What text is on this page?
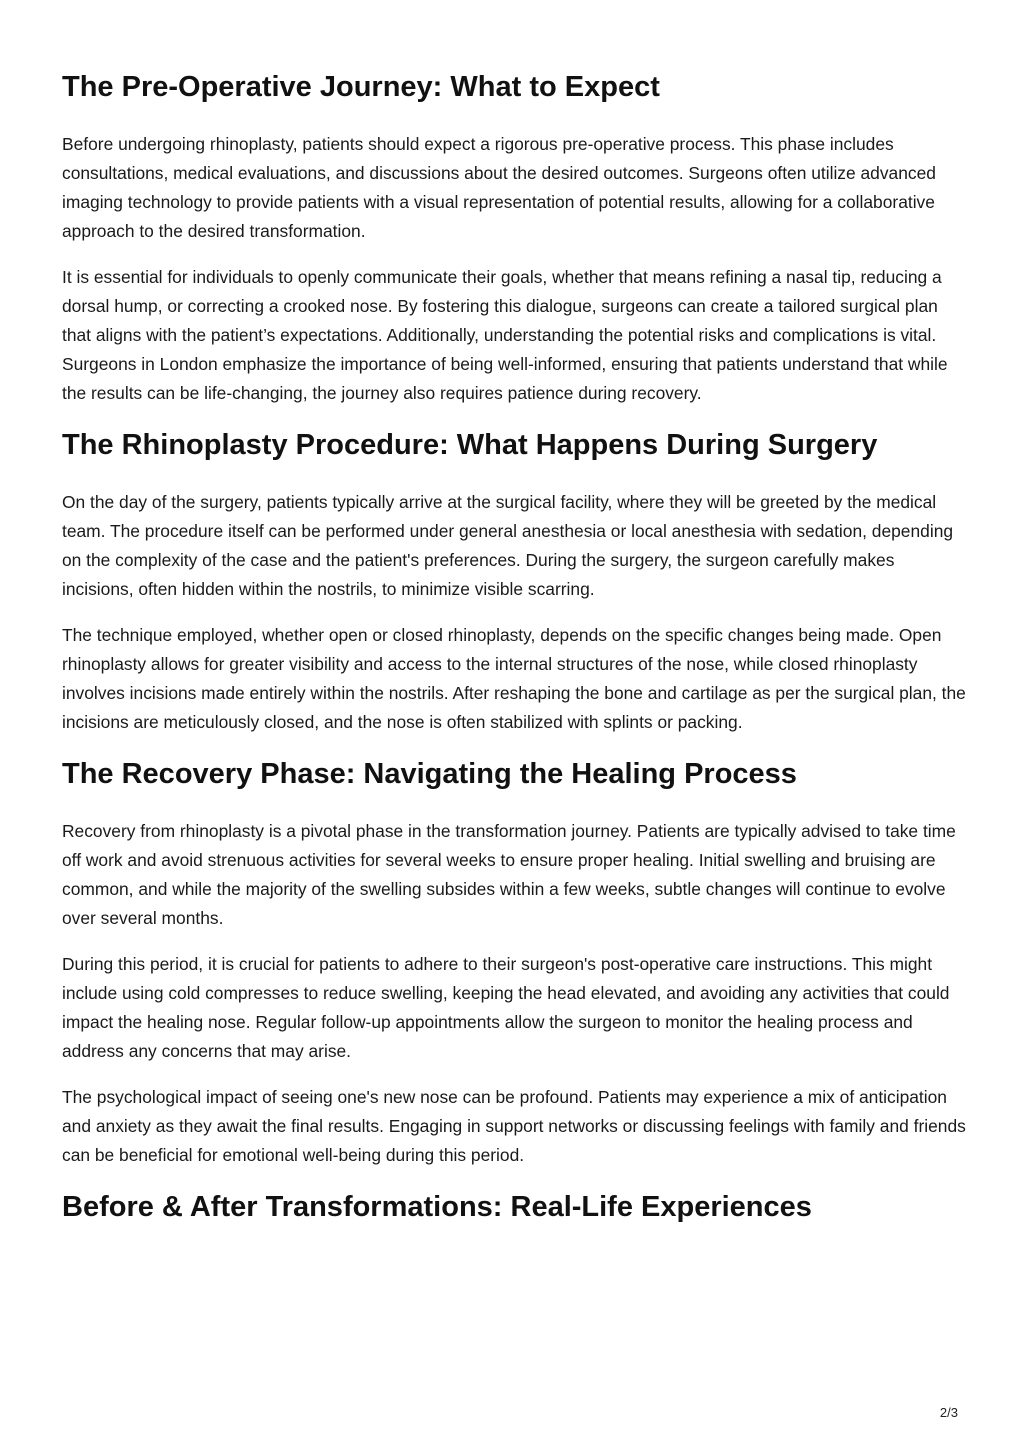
The Pre-Operative Journey: What to Expect

Before undergoing rhinoplasty, patients should expect a rigorous pre-operative process. This phase includes consultations, medical evaluations, and discussions about the desired outcomes. Surgeons often utilize advanced imaging technology to provide patients with a visual representation of potential results, allowing for a collaborative approach to the desired transformation.

It is essential for individuals to openly communicate their goals, whether that means refining a nasal tip, reducing a dorsal hump, or correcting a crooked nose. By fostering this dialogue, surgeons can create a tailored surgical plan that aligns with the patient’s expectations. Additionally, understanding the potential risks and complications is vital. Surgeons in London emphasize the importance of being well-informed, ensuring that patients understand that while the results can be life-changing, the journey also requires patience during recovery.

The Rhinoplasty Procedure: What Happens During Surgery

On the day of the surgery, patients typically arrive at the surgical facility, where they will be greeted by the medical team. The procedure itself can be performed under general anesthesia or local anesthesia with sedation, depending on the complexity of the case and the patient's preferences. During the surgery, the surgeon carefully makes incisions, often hidden within the nostrils, to minimize visible scarring.

The technique employed, whether open or closed rhinoplasty, depends on the specific changes being made. Open rhinoplasty allows for greater visibility and access to the internal structures of the nose, while closed rhinoplasty involves incisions made entirely within the nostrils. After reshaping the bone and cartilage as per the surgical plan, the incisions are meticulously closed, and the nose is often stabilized with splints or packing.

The Recovery Phase: Navigating the Healing Process

Recovery from rhinoplasty is a pivotal phase in the transformation journey. Patients are typically advised to take time off work and avoid strenuous activities for several weeks to ensure proper healing. Initial swelling and bruising are common, and while the majority of the swelling subsides within a few weeks, subtle changes will continue to evolve over several months.

During this period, it is crucial for patients to adhere to their surgeon's post-operative care instructions. This might include using cold compresses to reduce swelling, keeping the head elevated, and avoiding any activities that could impact the healing nose. Regular follow-up appointments allow the surgeon to monitor the healing process and address any concerns that may arise.

The psychological impact of seeing one's new nose can be profound. Patients may experience a mix of anticipation and anxiety as they await the final results. Engaging in support networks or discussing feelings with family and friends can be beneficial for emotional well-being during this period.

Before & After Transformations: Real-Life Experiences
2/3
